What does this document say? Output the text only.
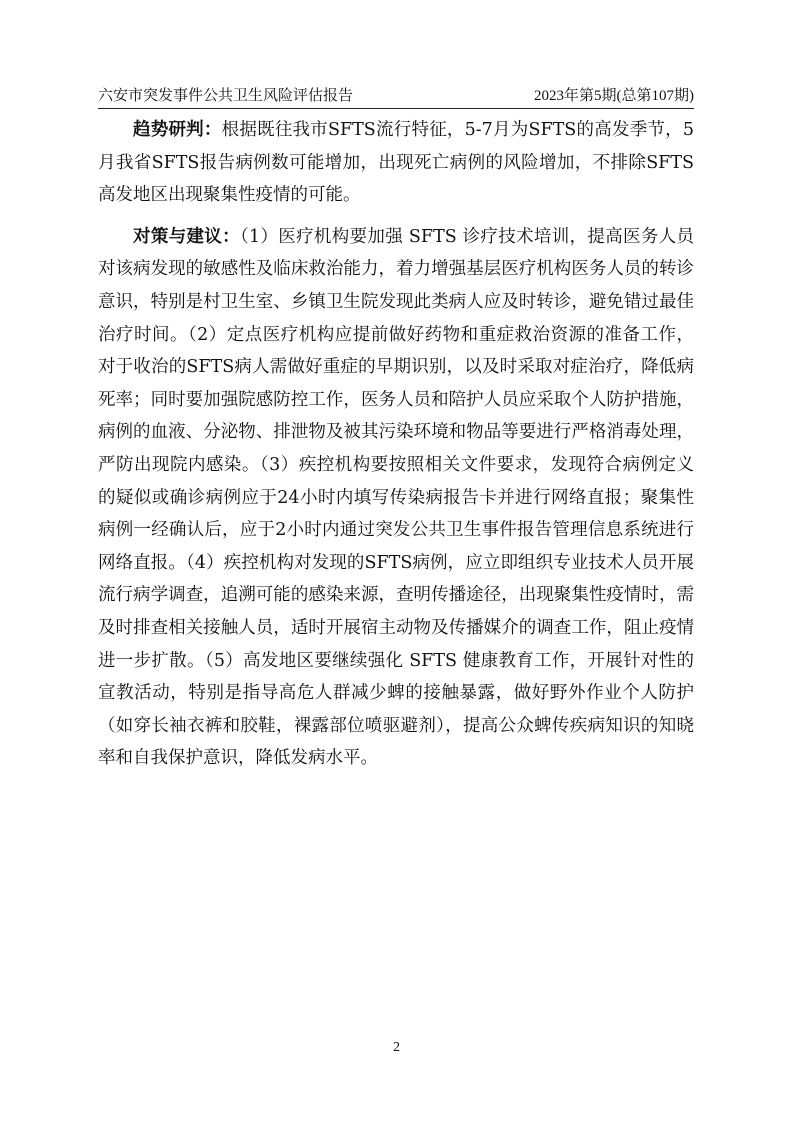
六安市突发事件公共卫生风险评估报告	2023年第5期(总第107期)

趋势研判：根据既往我市SFTS流行特征，5-7月为SFTS的高发季节，5月我省SFTS报告病例数可能增加，出现死亡病例的风险增加，不排除SFTS高发地区出现聚集性疫情的可能。

对策与建议：（1）医疗机构要加强 SFTS 诊疗技术培训，提高医务人员对该病发现的敏感性及临床救治能力，着力增强基层医疗机构医务人员的转诊意识，特别是村卫生室、乡镇卫生院发现此类病人应及时转诊，避免错过最佳治疗时间。（2）定点医疗机构应提前做好药物和重症救治资源的准备工作，对于收治的SFTS病人需做好重症的早期识别，以及时采取对症治疗，降低病死率；同时要加强院感防控工作，医务人员和陪护人员应采取个人防护措施，病例的血液、分泌物、排泄物及被其污染环境和物品等要进行严格消毒处理，严防出现院内感染。（3）疾控机构要按照相关文件要求，发现符合病例定义的疑似或确诊病例应于24小时内填写传染病报告卡并进行网络直报；聚集性病例一经确认后，应于2小时内通过突发公共卫生事件报告管理信息系统进行网络直报。（4）疾控机构对发现的SFTS病例，应立即组织专业技术人员开展流行病学调查，追溯可能的感染来源，查明传播途径，出现聚集性疫情时，需及时排查相关接触人员，适时开展宿主动物及传播媒介的调查工作，阻止疫情进一步扩散。（5）高发地区要继续强化 SFTS 健康教育工作，开展针对性的宣教活动，特别是指导高危人群减少蜱的接触暴露，做好野外作业个人防护（如穿长袖衣裤和胶鞋，裸露部位喷驱避剂），提高公众蜱传疾病知识的知晓率和自我保护意识，降低发病水平。

2
